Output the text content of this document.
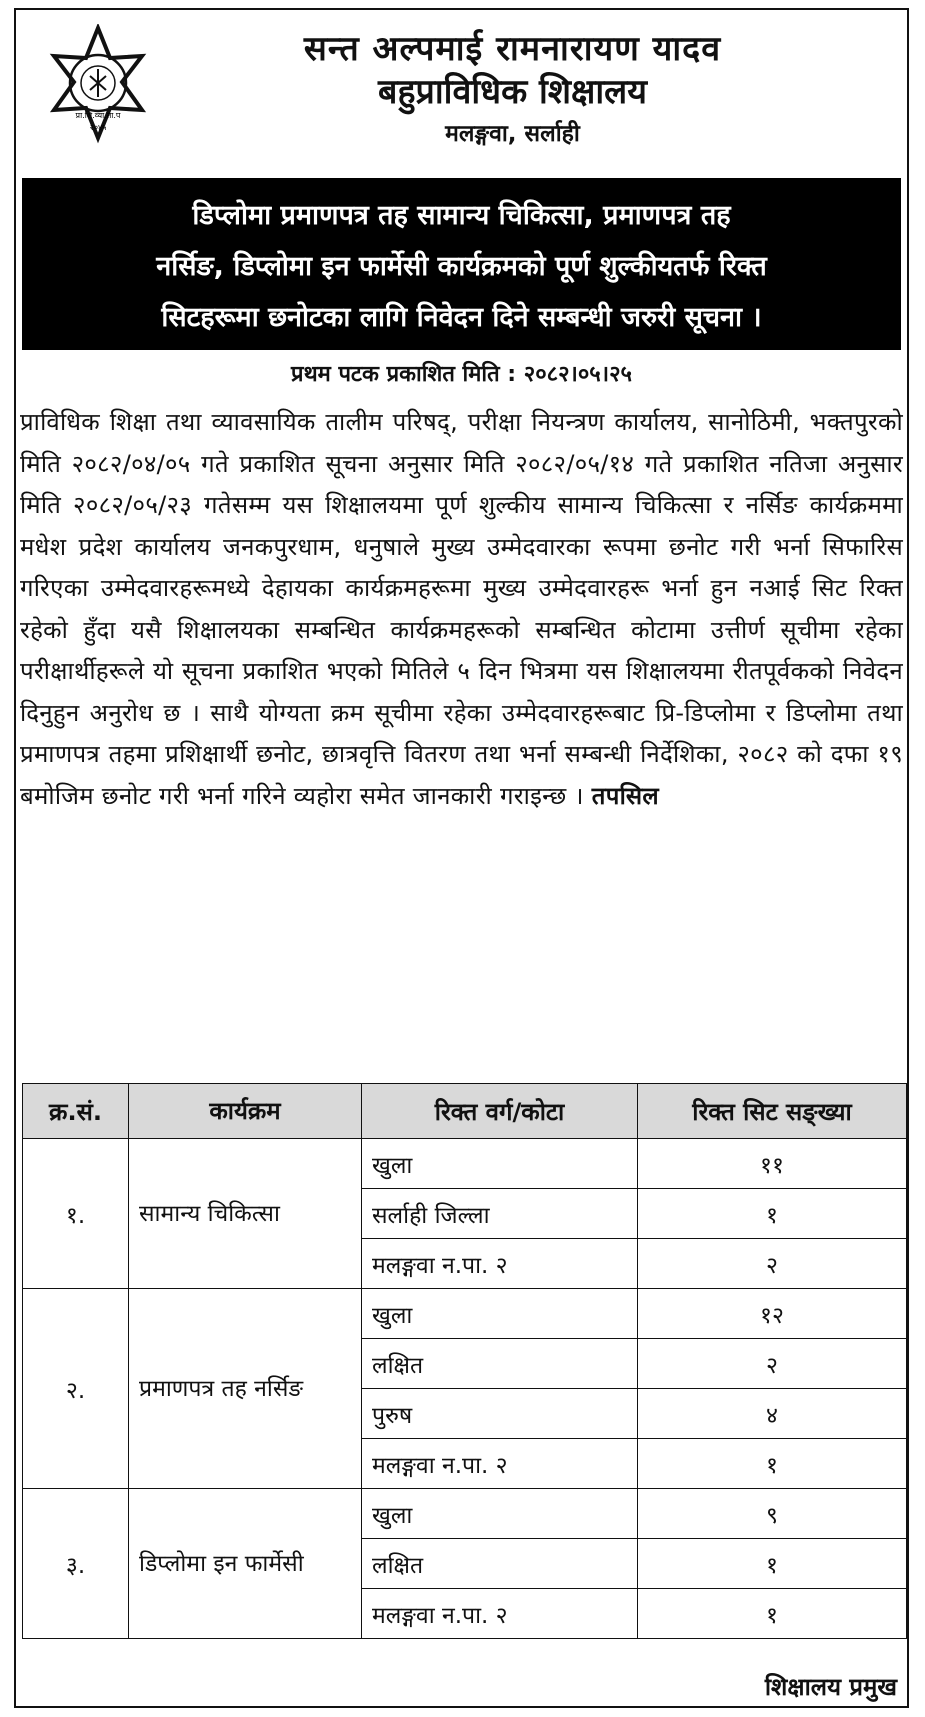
प्रा.शि.व्या.ता.प
२०४५
सन्त अल्पमाई रामनारायण यादव
बहुप्राविधिक शिक्षालय
मलङ्गवा, सर्लाही
डिप्लोमा प्रमाणपत्र तह सामान्य चिकित्सा, प्रमाणपत्र तह
नर्सिङ, डिप्लोमा इन फार्मेसी कार्यक्रमको पूर्ण शुल्कीयतर्फ रिक्त
सिटहरूमा छनोटका लागि निवेदन दिने सम्बन्धी जरुरी सूचना ।
प्रथम पटक प्रकाशित मिति : २०८२।०५।२५
प्राविधिक शिक्षा तथा व्यावसायिक तालीम परिषद्, परीक्षा नियन्त्रण कार्यालय, सानोठिमी, भक्तपुरको मिति २०८२/०४/०५ गते प्रकाशित सूचना अनुसार मिति २०८२/०५/१४ गते प्रकाशित नतिजा अनुसार मिति २०८२/०५/२३ गतेसम्म यस शिक्षालयमा पूर्ण शुल्कीय सामान्य चिकित्सा र नर्सिङ कार्यक्रममा मधेश प्रदेश कार्यालय जनकपुरधाम, धनुषाले मुख्य उम्मेदवारका रूपमा छनोट गरी भर्ना सिफारिस गरिएका उम्मेदवारहरूमध्ये देहायका कार्यक्रमहरूमा मुख्य उम्मेदवारहरू भर्ना हुन नआई सिट रिक्त रहेको हुँदा यसै शिक्षालयका सम्बन्धित कार्यक्रमहरूको सम्बन्धित कोटामा उत्तीर्ण सूचीमा रहेका परीक्षार्थीहरूले यो सूचना प्रकाशित भएको मितिले ५ दिन भित्रमा यस शिक्षालयमा रीतपूर्वकको निवेदन दिनुहुन अनुरोध छ । साथै योग्यता क्रम सूचीमा रहेका उम्मेदवारहरूबाट प्रि-डिप्लोमा र डिप्लोमा तथा प्रमाणपत्र तहमा प्रशिक्षार्थी छनोट, छात्रवृत्ति वितरण तथा भर्ना सम्बन्धी निर्देशिका, २०८२ को दफा १९ बमोजिम छनोट गरी भर्ना गरिने व्यहोरा समेत जानकारी गराइन्छ । तपसिल
क्र.सं.	कार्यक्रम	रिक्त वर्ग/कोटा	रिक्त सिट सङ्ख्या
१.	सामान्य चिकित्सा	खुला	११
		सर्लाही जिल्ला	१
		मलङ्गवा न.पा. २	२
२.	प्रमाणपत्र तह नर्सिङ	खुला	१२
		लक्षित	२
		पुरुष	४
		मलङ्गवा न.पा. २	१
३.	डिप्लोमा इन फार्मेसी	खुला	९
		लक्षित	१
		मलङ्गवा न.पा. २	१
शिक्षालय प्रमुख
